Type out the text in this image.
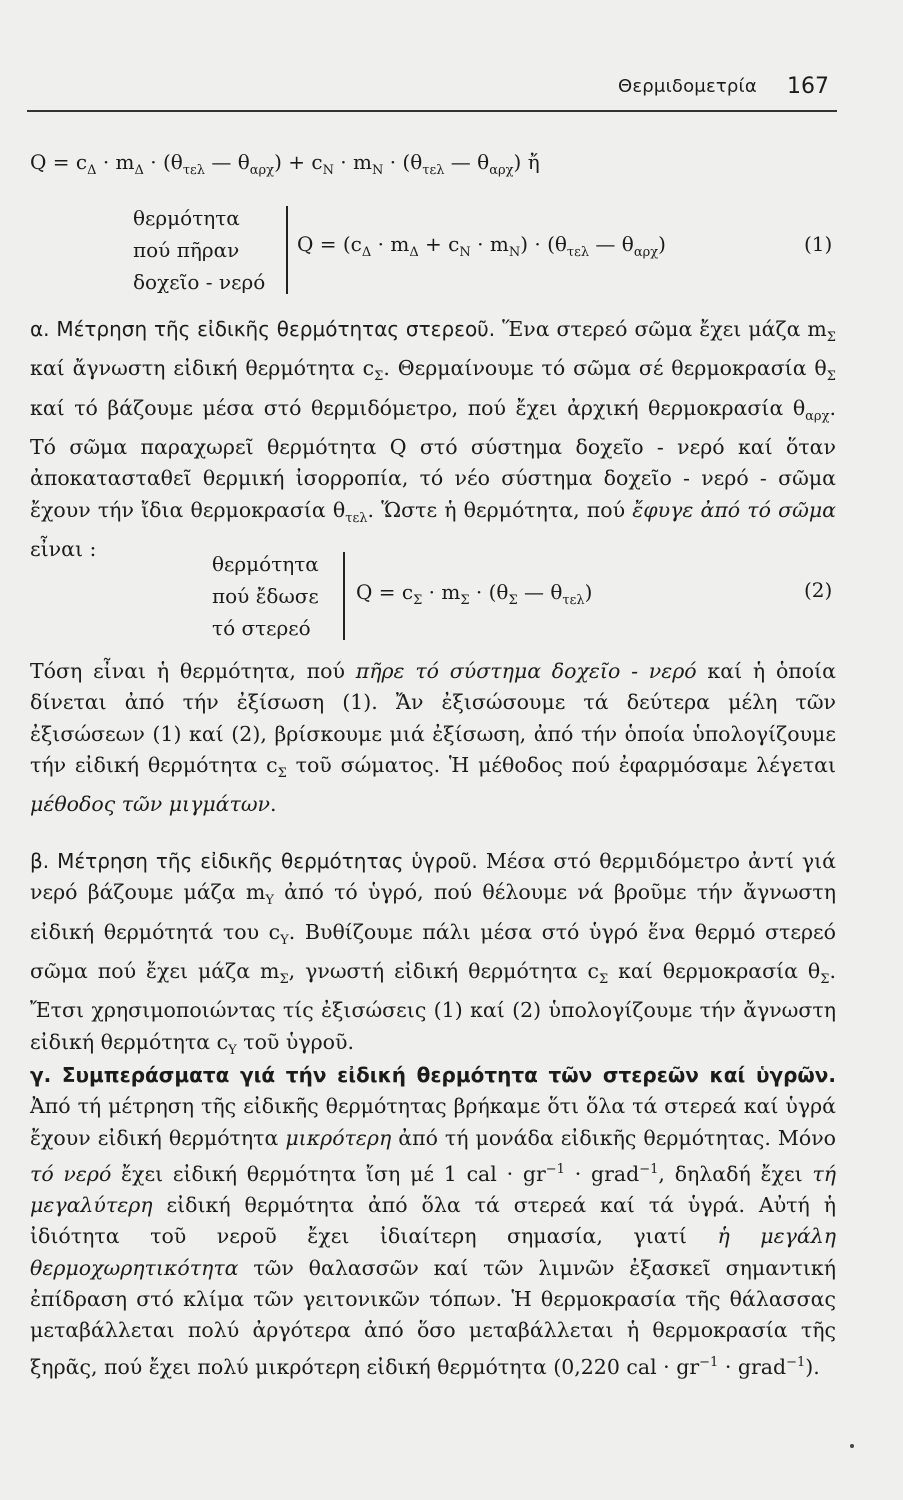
Θερμιδομετρία 167
$Q = c_\Delta \cdot m_\Delta \cdot (\theta_{\tau\varepsilon\lambda}$ — $\theta_{\alpha\rho\chi}) + c_N \cdot m_N \cdot (\theta_{\tau\varepsilon\lambda}$ — $\theta_{\alpha\rho\chi}$) ἤ
θερμότητα
πού πῆραν
δοχεῖο - νερό
$Q = (c_\Delta \cdot m_\Delta + c_N \cdot m_N) \cdot (\theta_{\tau\varepsilon\lambda}$ — $\theta_{\alpha\rho\chi}$)	(1)

α. Μέτρηση τῆς εἰδικῆς θερμότητας στερεοῦ. Ἕνα στερεό σῶμα ἔχει μάζα $m_\Sigma$ καί ἄγνωστη εἰδική θερμότητα $c_\Sigma$. Θερμαίνουμε τό σῶμα σέ θερμοκρασία $\theta_\Sigma$ καί τό βάζουμε μέσα στό θερμιδόμετρο, πού ἔχει ἀρχική θερμοκρασία $\theta_{\alpha\rho\chi}$. Τό σῶμα παραχωρεῖ θερμότητα Q στό σύστημα δοχεῖο - νερό καί ὅταν ἀποκατασταθεῖ θερμική ἰσορροπία, τό νέο σύστημα δοχεῖο - νερό - σῶμα ἔχουν τήν ἴδια θερμοκρασία $\theta_{\tau\varepsilon\lambda}$. Ὥστε ἡ θερμότητα, πού ἔφυγε ἀπό τό σῶμα εἶναι :

θερμότητα
πού ἔδωσε
τό στερεό
$Q = c_\Sigma \cdot m_\Sigma \cdot (\theta_\Sigma$ — $\theta_{\tau\varepsilon\lambda}$)	(2)

Τόση εἶναι ἡ θερμότητα, πού πῆρε τό σύστημα δοχεῖο - νερό καί ἡ ὁποία δίνεται ἀπό τήν ἐξίσωση (1). Ἄν ἐξισώσουμε τά δεύτερα μέλη τῶν ἐξισώσεων (1) καί (2), βρίσκουμε μιά ἐξίσωση, ἀπό τήν ὁποία ὑπολογίζουμε τήν εἰδική θερμότητα $c_\Sigma$ τοῦ σώματος. Ἡ μέθοδος πού ἐφαρμόσαμε λέγεται μέθοδος τῶν μιγμάτων.

β. Μέτρηση τῆς εἰδικῆς θερμότητας ὑγροῦ. Μέσα στό θερμιδόμετρο ἀντί γιά νερό βάζουμε μάζα $m_\Upsilon$ ἀπό τό ὑγρό, πού θέλουμε νά βροῦμε τήν ἄγνωστη εἰδική θερμότητά του $c_\Upsilon$. Βυθίζουμε πάλι μέσα στό ὑγρό ἕνα θερμό στερεό σῶμα πού ἔχει μάζα $m_\Sigma$, γνωστή εἰδική θερμότητα $c_\Sigma$ καί θερμοκρασία $\theta_\Sigma$. Ἔτσι χρησιμοποιώντας τίς ἐξισώσεις (1) καί (2) ὑπολογίζουμε τήν ἄγνωστη εἰδική θερμότητα $c_\Upsilon$ τοῦ ὑγροῦ.

γ. Συμπεράσματα γιά τήν εἰδική θερμότητα τῶν στερεῶν καί ὑγρῶν. Ἀπό τή μέτρηση τῆς εἰδικῆς θερμότητας βρήκαμε ὅτι ὅλα τά στερεά καί ὑγρά ἔχουν εἰδική θερμότητα μικρότερη ἀπό τή μονάδα εἰδικῆς θερμότητας. Μόνο τό νερό ἔχει εἰδική θερμότητα ἴση μέ 1 cal · $gr^{-1}$ · grad$^{-1}$, δηλαδή ἔχει τή μεγαλύτερη εἰδική θερμότητα ἀπό ὅλα τά στερεά καί τά ὑγρά. Αὐτή ἡ ἰδιότητα τοῦ νεροῦ ἔχει ἰδιαίτερη σημασία, γιατί ἡ μεγάλη θερμοχωρητικότητα τῶν θαλασσῶν καί τῶν λιμνῶν ἐξασκεῖ σημαντική ἐπίδραση στό κλίμα τῶν γειτονικῶν τόπων. Ἡ θερμοκρασία τῆς θάλασσας μεταβάλλεται πολύ ἀργότερα ἀπό ὅσο μεταβάλλεται ἡ θερμοκρασία τῆς ξηρᾶς, πού ἔχει πολύ μικρότερη εἰδική θερμότητα (0,220 cal · $gr^{-1}$ · grad$^{-1}$).
